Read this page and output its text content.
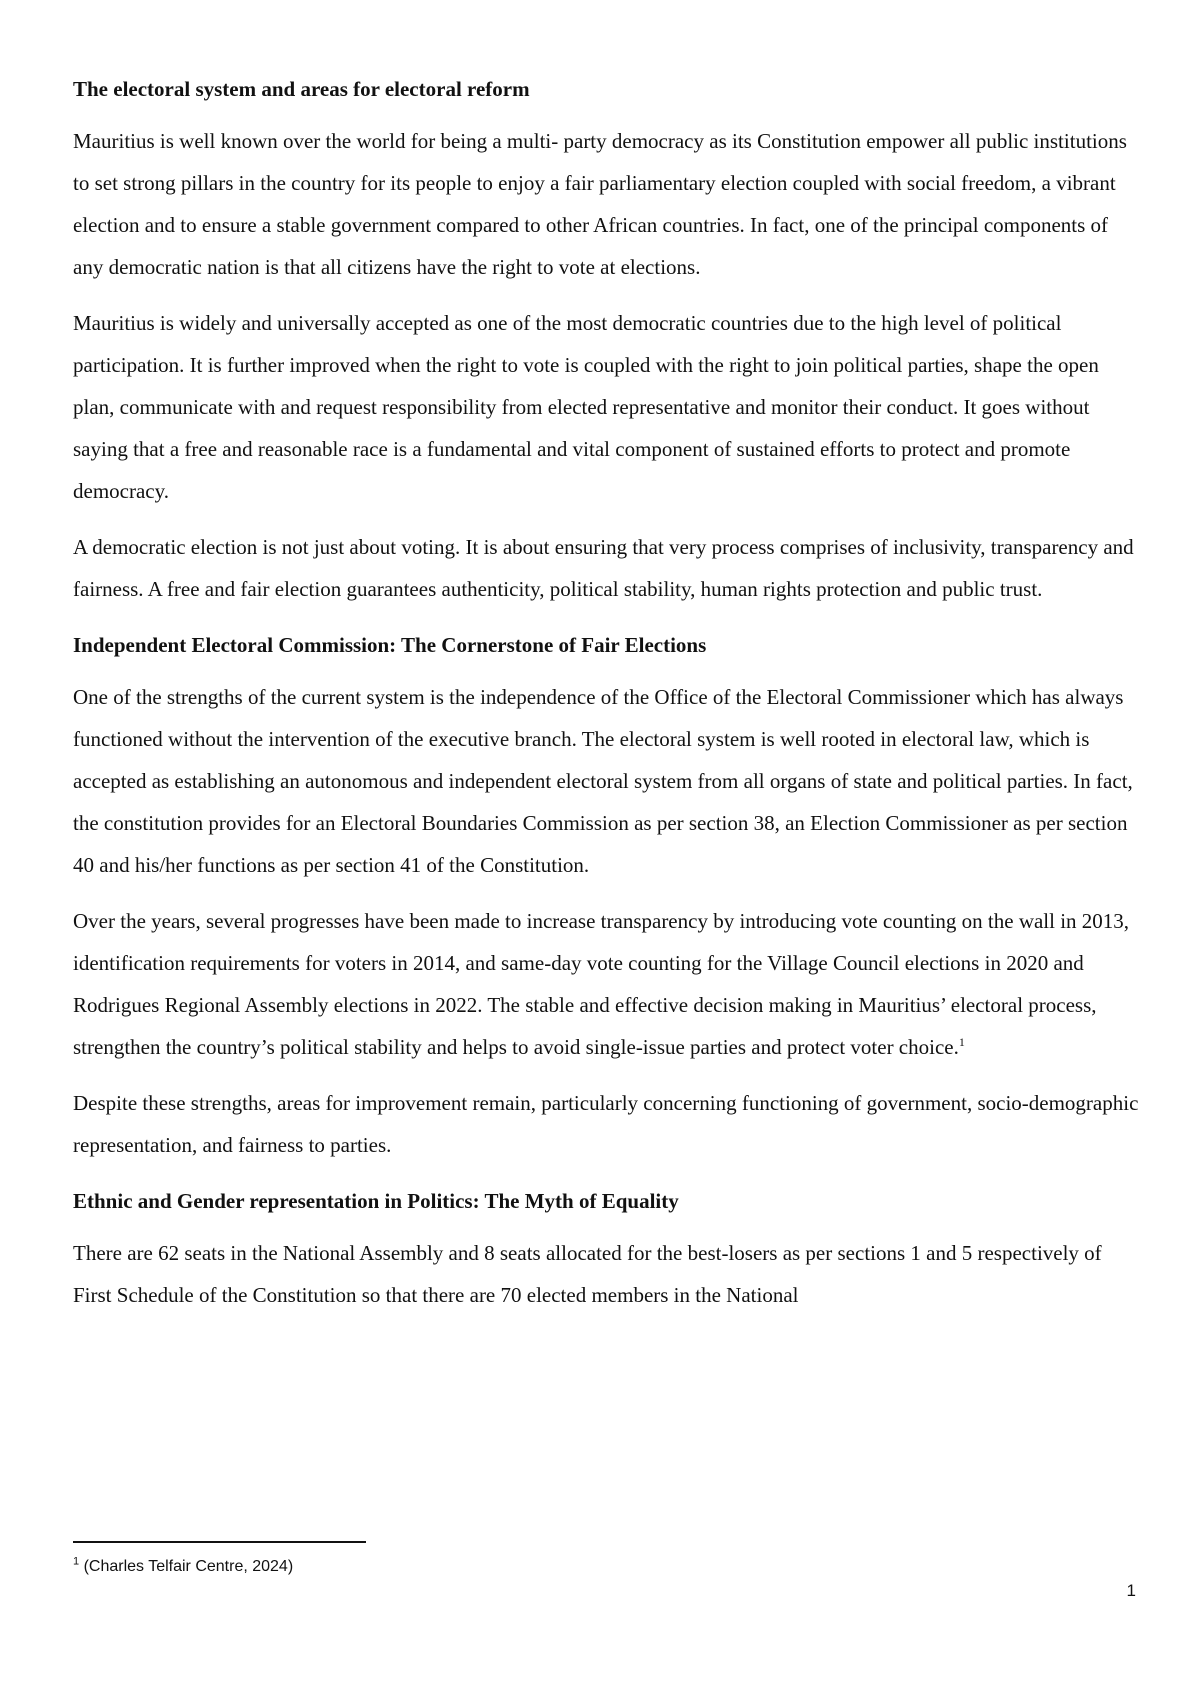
The electoral system and areas for electoral reform

Mauritius is well known over the world for being a multi- party democracy as its Constitution empower all public institutions to set strong pillars in the country for its people to enjoy a fair parliamentary election coupled with social freedom, a vibrant election and to ensure a stable government compared to other African countries. In fact, one of the principal components of any democratic nation is that all citizens have the right to vote at elections.

Mauritius is widely and universally accepted as one of the most democratic countries due to the high level of political participation. It is further improved when the right to vote is coupled with the right to join political parties, shape the open plan, communicate with and request responsibility from elected representative and monitor their conduct. It goes without saying that a free and reasonable race is a fundamental and vital component of sustained efforts to protect and promote democracy.

A democratic election is not just about voting. It is about ensuring that very process comprises of inclusivity, transparency and fairness. A free and fair election guarantees authenticity, political stability, human rights protection and public trust.

Independent Electoral Commission: The Cornerstone of Fair Elections

One of the strengths of the current system is the independence of the Office of the Electoral Commissioner which has always functioned without the intervention of the executive branch. The electoral system is well rooted in electoral law, which is accepted as establishing an autonomous and independent electoral system from all organs of state and political parties. In fact, the constitution provides for an Electoral Boundaries Commission as per section 38, an Election Commissioner as per section 40 and his/her functions as per section 41 of the Constitution.

Over the years, several progresses have been made to increase transparency by introducing vote counting on the wall in 2013, identification requirements for voters in 2014, and same-day vote counting for the Village Council elections in 2020 and Rodrigues Regional Assembly elections in 2022. The stable and effective decision making in Mauritius’ electoral process, strengthen the country’s political stability and helps to avoid single-issue parties and protect voter choice.$^1$

Despite these strengths, areas for improvement remain, particularly concerning functioning of government, socio-demographic representation, and fairness to parties.

Ethnic and Gender representation in Politics: The Myth of Equality

There are 62 seats in the National Assembly and 8 seats allocated for the best-losers as per sections 1 and 5 respectively of First Schedule of the Constitution so that there are 70 elected members in the National

$^1$ (Charles Telfair Centre, 2024)
1
